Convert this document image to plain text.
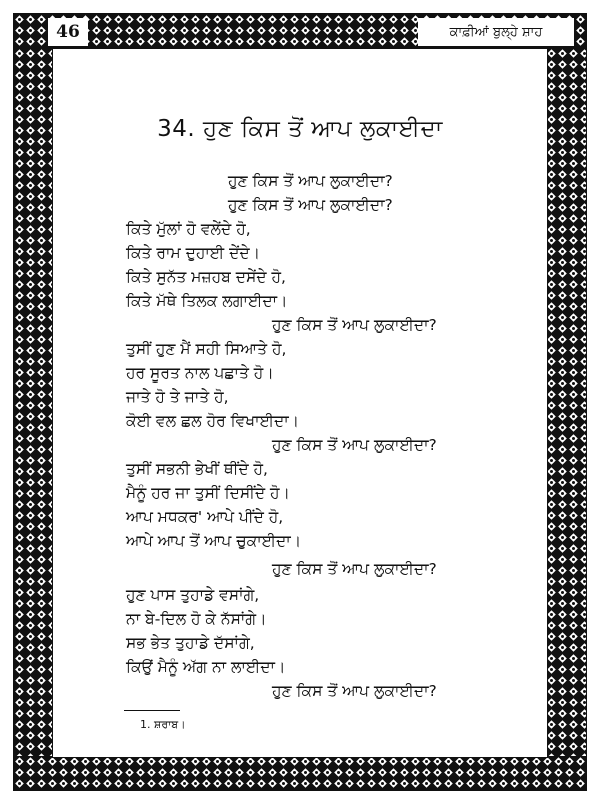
46	ਕਾਫ਼ੀਆਂ ਬੁਲ੍ਹੇ ਸ਼ਾਹ
34. ਹੁਣ ਕਿਸ ਤੋਂ ਆਪ ਲੁਕਾਈਦਾ
ਹੁਣ ਕਿਸ ਤੋਂ ਆਪ ਲੁਕਾਈਦਾ?
ਹੁਣ ਕਿਸ ਤੋਂ ਆਪ ਲੁਕਾਈਦਾ?
ਕਿਤੇ ਮੁੱਲਾਂ ਹੋ ਵਲੇਂਦੇ ਹੋ,
ਕਿਤੇ ਰਾਮ ਦੁਹਾਈ ਦੇਂਦੇ।
ਕਿਤੇ ਸੁਨੱਤ ਮਜ਼ਹਬ ਦਸੇਂਦੇ ਹੋ,
ਕਿਤੇ ਮੱਥੇ ਤਿਲਕ ਲਗਾਈਦਾ।
ਹੁਣ ਕਿਸ ਤੋਂ ਆਪ ਲੁਕਾਈਦਾ?
ਤੁਸੀਂ ਹੁਣ ਮੈਂ ਸਹੀ ਸਿਆਤੇ ਹੋ,
ਹਰ ਸੂਰਤ ਨਾਲ ਪਛਾਤੇ ਹੋ।
ਜਾਤੇ ਹੋ ਤੇ ਜਾਤੇ ਹੋ,
ਕੋਈ ਵਲ ਛਲ ਹੋਰ ਵਿਖਾਈਦਾ।
ਹੁਣ ਕਿਸ ਤੋਂ ਆਪ ਲੁਕਾਈਦਾ?
ਤੁਸੀਂ ਸਭਨੀ ਭੇਖੀਂ ਥੀਂਦੇ ਹੋ,
ਮੈਨੂੰ ਹਰ ਜਾ ਤੁਸੀਂ ਦਿਸੀਂਦੇ ਹੋ।
ਆਪ ਮਧਕਰ' ਆਪੇ ਪੀਂਦੇ ਹੋ,
ਆਪੇ ਆਪ ਤੋਂ ਆਪ ਚੁਕਾਈਦਾ।
ਹੁਣ ਕਿਸ ਤੋਂ ਆਪ ਲੁਕਾਈਦਾ?
ਹੁਣ ਪਾਸ ਤੁਹਾਡੇ ਵਸਾਂਗੇ,
ਨਾ ਬੇ-ਦਿਲ ਹੋ ਕੇ ਨੱਸਾਂਗੇ।
ਸਭ ਭੇਤ ਤੁਹਾਡੇ ਦੱਸਾਂਗੇ,
ਕਿਉਂ ਮੈਨੂੰ ਅੱਗ ਨਾ ਲਾਈਦਾ।
ਹੁਣ ਕਿਸ ਤੋਂ ਆਪ ਲੁਕਾਈਦਾ?
1. ਸ਼ਰਾਬ।
